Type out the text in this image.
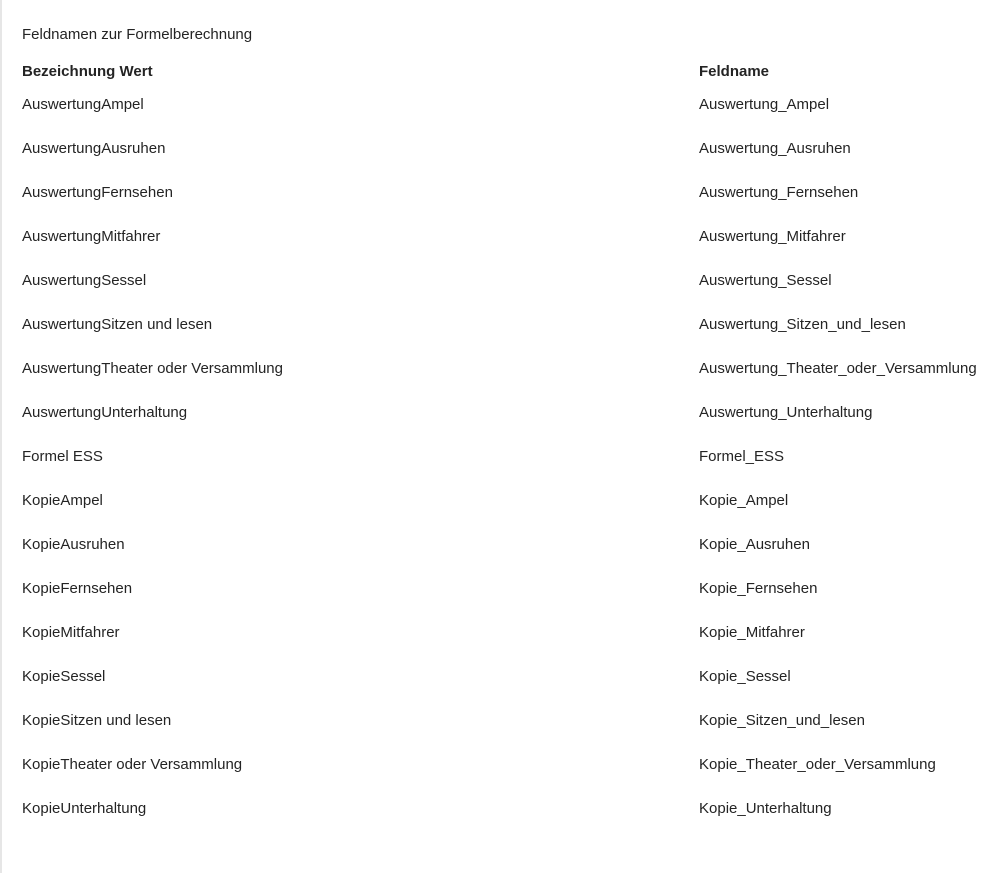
Feldnamen zur Formelberechnung
Bezeichnung Wert	Feldname
AuswertungAmpel	Auswertung_Ampel
AuswertungAusruhen	Auswertung_Ausruhen
AuswertungFernsehen	Auswertung_Fernsehen
AuswertungMitfahrer	Auswertung_Mitfahrer
AuswertungSessel	Auswertung_Sessel
AuswertungSitzen und lesen	Auswertung_Sitzen_und_lesen
AuswertungTheater oder Versammlung	Auswertung_Theater_oder_Versammlung
AuswertungUnterhaltung	Auswertung_Unterhaltung
Formel ESS	Formel_ESS
KopieAmpel	Kopie_Ampel
KopieAusruhen	Kopie_Ausruhen
KopieFernsehen	Kopie_Fernsehen
KopieMitfahrer	Kopie_Mitfahrer
KopieSessel	Kopie_Sessel
KopieSitzen und lesen	Kopie_Sitzen_und_lesen
KopieTheater oder Versammlung	Kopie_Theater_oder_Versammlung
KopieUnterhaltung	Kopie_Unterhaltung
